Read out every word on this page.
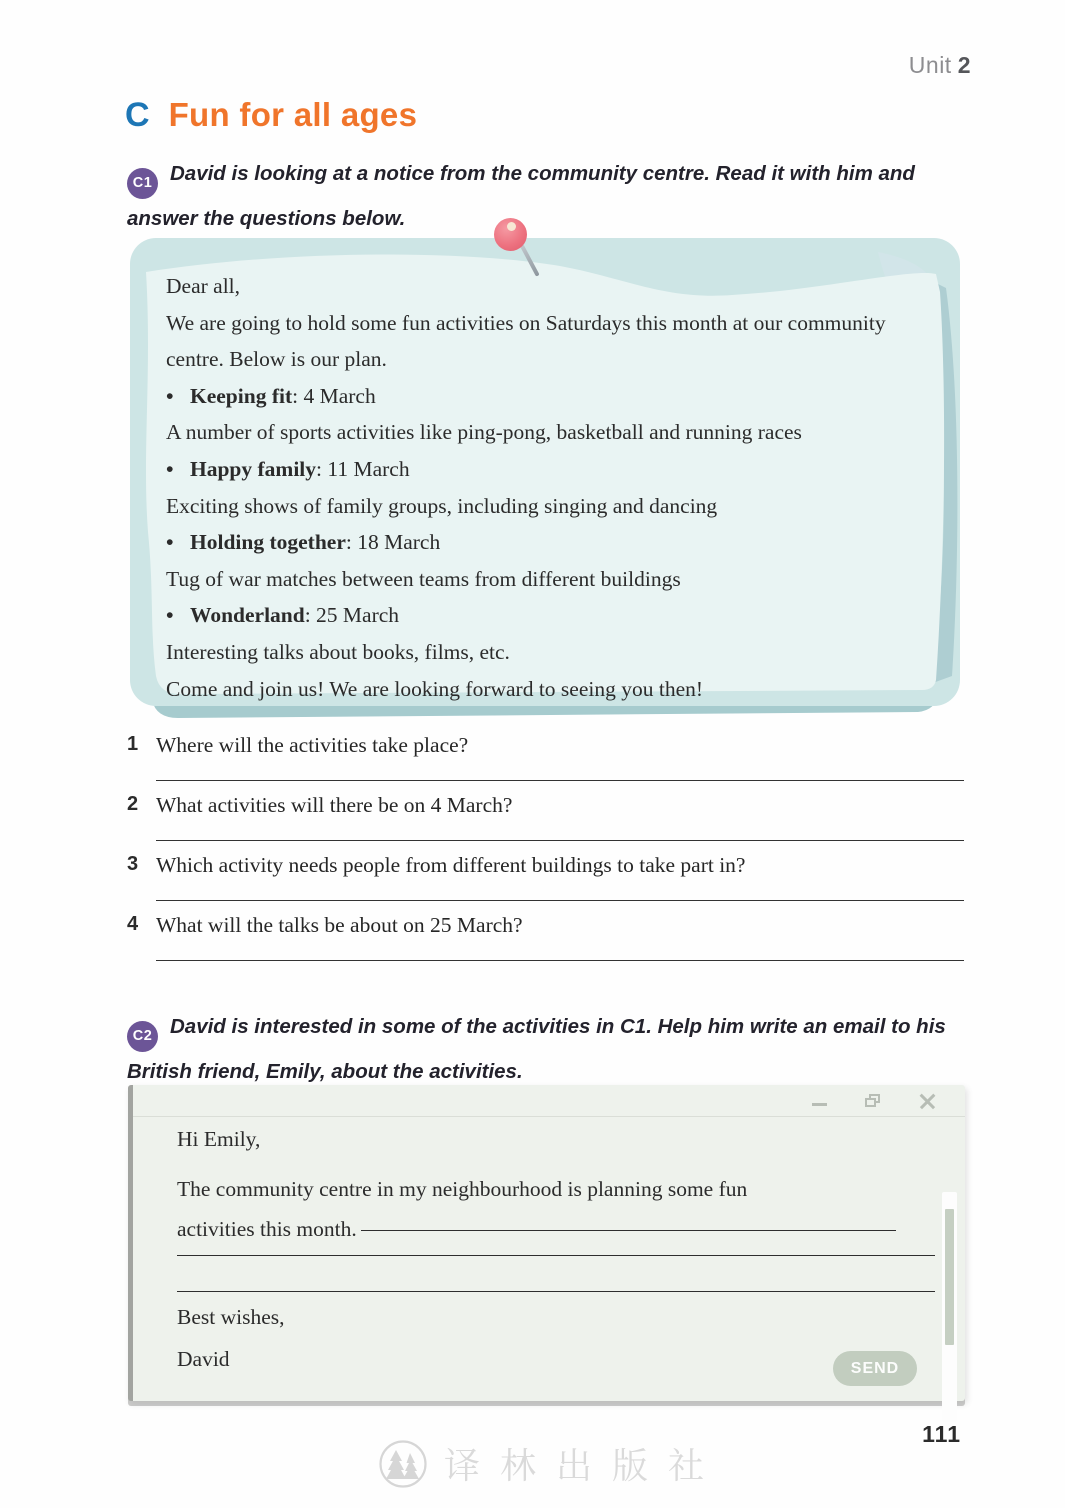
Unit 2
C Fun for all ages

C1 David is looking at a notice from the community centre. Read it with him and answer the questions below.

Dear all,
We are going to hold some fun activities on Saturdays this month at our community centre. Below is our plan.
• Keeping fit: 4 March
A number of sports activities like ping-pong, basketball and running races
• Happy family: 11 March
Exciting shows of family groups, including singing and dancing
• Holding together: 18 March
Tug of war matches between teams from different buildings
• Wonderland: 25 March
Interesting talks about books, films, etc.
Come and join us! We are looking forward to seeing you then!
1 Where will the activities take place?
2 What activities will there be on 4 March?
3 Which activity needs people from different buildings to take part in?
4 What will the talks be about on 25 March?

C2 David is interested in some of the activities in C1. Help him write an email to his British friend, Emily, about the activities.

Hi Emily,
The community centre in my neighbourhood is planning some fun activities this month.
Best wishes,
David	SEND
111
译林出版社
